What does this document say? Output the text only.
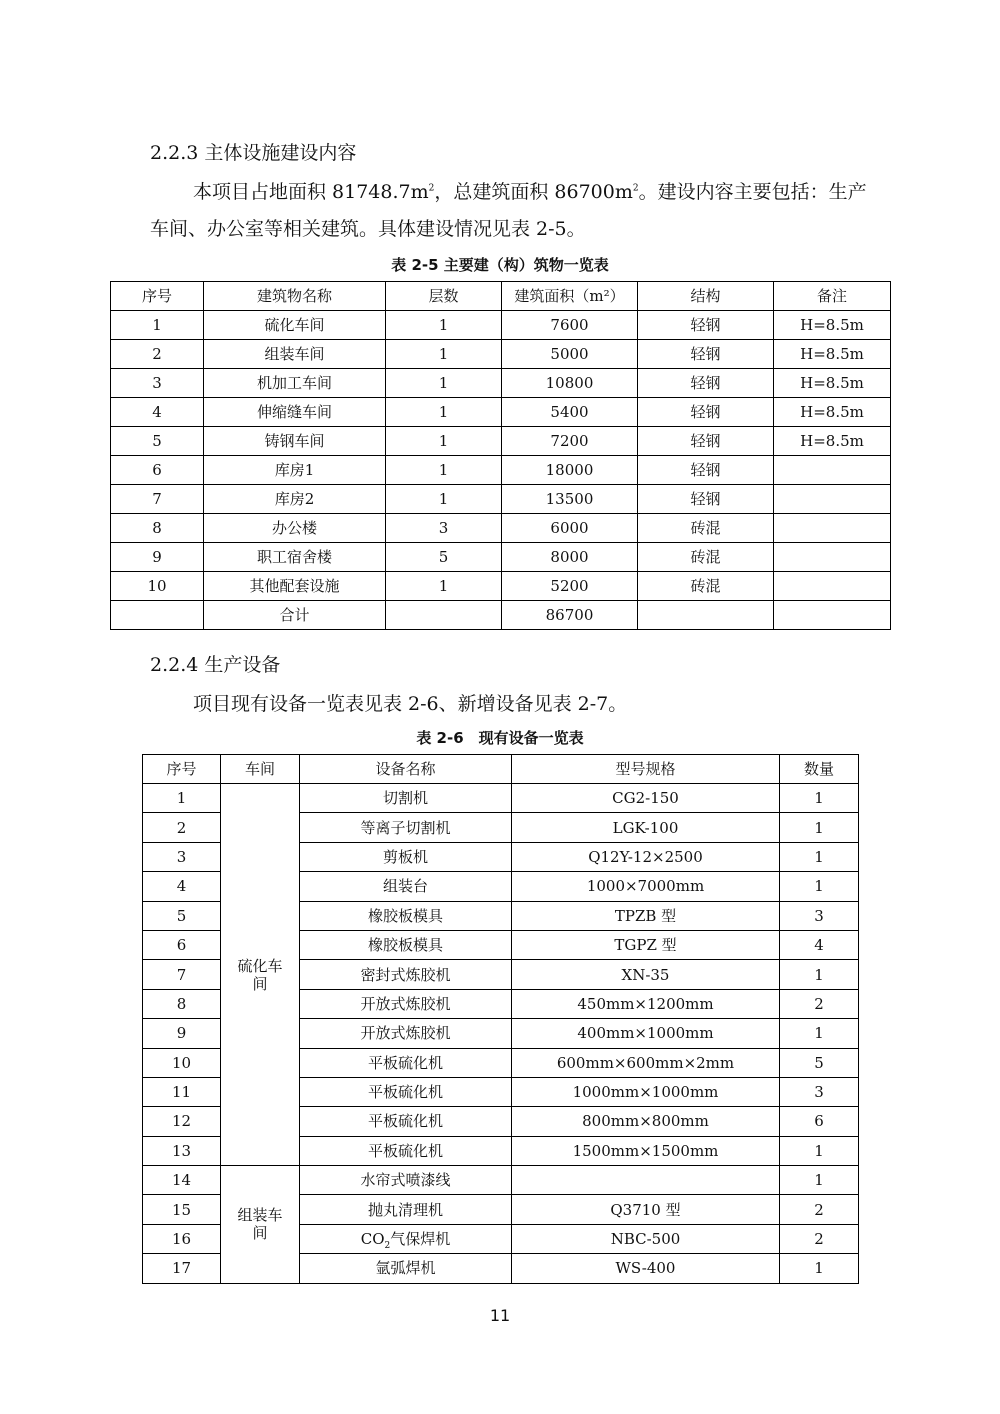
2.2.3 主体设施建设内容
本项目占地面积 $81748.7m^2$，总建筑面积 $86700m^2$。建设内容主要包括：生产
车间、办公室等相关建筑。具体建设情况见表 2-5。
表 2-5 主要建（构）筑物一览表
序号	建筑物名称	层数	建筑面积（m²）	结构	备注
1	硫化车间	1	7600	轻钢	H=8.5m
2	组装车间	1	5000	轻钢	H=8.5m
3	机加工车间	1	10800	轻钢	H=8.5m
4	伸缩缝车间	1	5400	轻钢	H=8.5m
5	铸钢车间	1	7200	轻钢	H=8.5m
6	库房1	1	18000	轻钢	
7	库房2	1	13500	轻钢	
8	办公楼	3	6000	砖混	
9	职工宿舍楼	5	8000	砖混	
10	其他配套设施	1	5200	砖混	
	合计		86700		
2.2.4 生产设备
项目现有设备一览表见表 2-6、新增设备见表 2-7。
表 2-6　现有设备一览表
序号	车间	设备名称	型号规格	数量
1	硫化车间	切割机	CG2-150	1
2		等离子切割机	LGK-100	1
3		剪板机	Q12Y-12×2500	1
4		组装台	1000×7000mm	1
5		橡胶板模具	TPZB 型	3
6		橡胶板模具	TGPZ 型	4
7		密封式炼胶机	XN-35	1
8		开放式炼胶机	450mm×1200mm	2
9		开放式炼胶机	400mm×1000mm	1
10		平板硫化机	600mm×600mm×2mm	5
11		平板硫化机	1000mm×1000mm	3
12		平板硫化机	800mm×800mm	6
13		平板硫化机	1500mm×1500mm	1
14	组装车间	水帘式喷漆线		1
15		抛丸清理机	Q3710 型	2
16		$CO_2$气保焊机	NBC-500	2
17		氩弧焊机	WS-400	1
11
